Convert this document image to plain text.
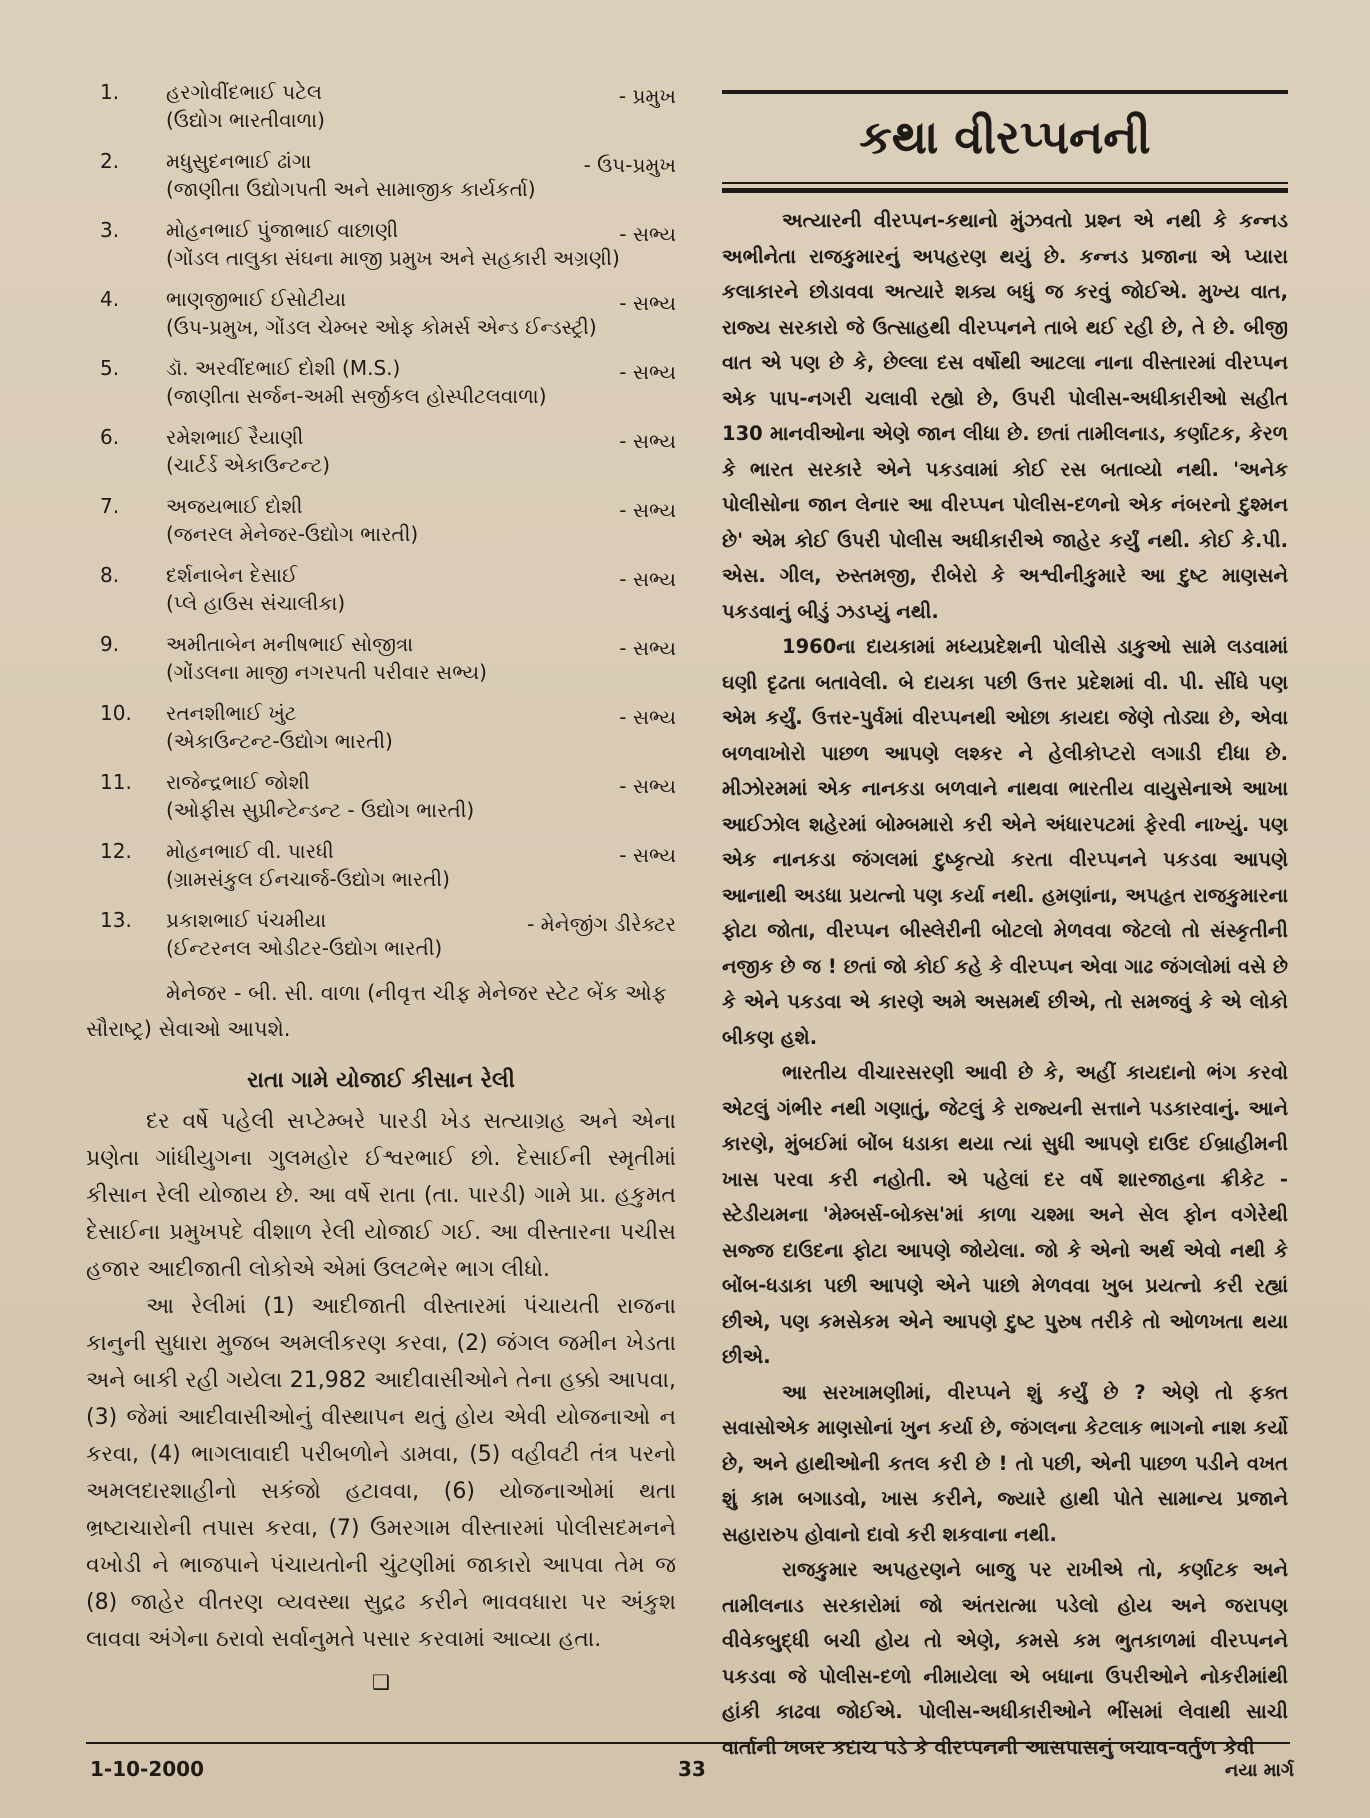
1.	હરગોવીંદભાઈ પટેલ	- પ્રમુખ
(ઉદ્યોગ ભારતીવાળા)
2.	મધુસુદનભાઈ ઢાંગા	- ઉપ-પ્રમુખ
(જાણીતા ઉદ્યોગપતી અને સામાજીક કાર્યકર્તા)
3.	મોહનભાઈ પુંજાભાઈ વાછાણી	- સભ્ય
(ગોંડલ તાલુકા સંઘના માજી પ્રમુખ અને સહકારી અગ્રણી)
4.	ભાણજીભાઈ ઈસોટીયા	- સભ્ય
(ઉપ-પ્રમુખ, ગોંડલ ચેમ્બર ઓફ કોમર્સ એન્ડ ઈન્ડસ્ટ્રી)
5.	ડૉ. અરવીંદભાઈ દોશી (M.S.)	- સભ્ય
(જાણીતા સર્જન-અમી સર્જીકલ હોસ્પીટલવાળા)
6.	રમેશભાઈ રૈયાણી	- સભ્ય
(ચાર્ટર્ડ એકાઉન્ટન્ટ)
7.	અજયભાઈ દોશી	- સભ્ય
(જનરલ મેનેજર-ઉદ્યોગ ભારતી)
8.	દર્શનાબેન દેસાઈ	- સભ્ય
(પ્લે હાઉસ સંચાલીકા)
9.	અમીતાબેન મનીષભાઈ સોજીત્રા	- સભ્ય
(ગોંડલના માજી નગરપતી પરીવાર સભ્ય)
10.	રતનશીભાઈ ખુંટ	- સભ્ય
(એકાઉન્ટન્ટ-ઉદ્યોગ ભારતી)
11.	રાજેન્દ્રભાઈ જોશી	- સભ્ય
(ઓફીસ સુપ્રીન્ટેન્ડન્ટ - ઉદ્યોગ ભારતી)
12.	મોહનભાઈ વી. પારધી	- સભ્ય
(ગ્રામસંકુલ ઈનચાર્જ-ઉદ્યોગ ભારતી)
13.	પ્રકાશભાઈ પંચમીયા	- મેનેજીંગ ડીરેક્ટર
(ઈન્ટરનલ ઓડીટર-ઉદ્યોગ ભારતી)
મેનેજર - બી. સી. વાળા (નીવૃત્ત ચીફ મેનેજર સ્ટેટ બેંક ઓફ સૌરાષ્ટ્ર) સેવાઓ આપશે.
રાતા ગામે યોજાઈ કીસાન રેલી

દર વર્ષે પહેલી સપ્ટેમ્બરે પારડી ખેડ સત્યાગ્રહ અને એના પ્રણેતા ગાંધીયુગના ગુલમહોર ઈશ્વરભાઈ છો. દેસાઈની સ્મૃતીમાં કીસાન રેલી યોજાય છે. આ વર્ષે રાતા (તા. પારડી) ગામે પ્રા. હકુમત દેસાઈના પ્રમુખપદે વીશાળ રેલી યોજાઈ ગઈ. આ વીસ્તારના પચીસ હજાર આદીજાતી લોકોએ એમાં ઉલટભેર ભાગ લીધો.

આ રેલીમાં (1) આદીજાતી વીસ્તારમાં પંચાયતી રાજના કાનુની સુધારા મુજબ અમલીકરણ કરવા, (2) જંગલ જમીન ખેડતા અને બાકી રહી ગયેલા 21,982 આદીવાસીઓને તેના હક્કો આપવા, (3) જેમાં આદીવાસીઓનું વીસ્થાપન થતું હોય એવી યોજનાઓ ન કરવા, (4) ભાગલાવાદી પરીબળોને ડામવા, (5) વહીવટી તંત્ર પરનો અમલદારશાહીનો સકંજો હટાવવા, (6) યોજનાઓમાં થતા ભ્રષ્ટાચારોની તપાસ કરવા, (7) ઉમરગામ વીસ્તારમાં પોલીસદમનને વખોડી ને ભાજપાને પંચાયતોની ચુંટણીમાં જાકારો આપવા તેમ જ (8) જાહેર વીતરણ વ્યવસ્થા સુદ્રઢ કરીને ભાવવધારા પર અંકુશ લાવવા અંગેના ઠરાવો સર્વાનુમતે પસાર કરવામાં આવ્યા હતા.

❑
કથા વીરપ્પનની

અત્યારની વીરપ્પન-કથાનો મુંઝવતો પ્રશ્ન એ નથી કે કન્નડ અભીનેતા રાજકુમારનું અપહરણ થયું છે. કન્નડ પ્રજાના એ પ્યારા કલાકારને છોડાવવા અત્યારે શક્ય બધું જ કરવું જોઈએ. મુખ્ય વાત, રાજ્ય સરકારો જે ઉત્સાહથી વીરપ્પનને તાબે થઈ રહી છે, તે છે. બીજી વાત એ પણ છે કે, છેલ્લા દસ વર્ષોથી આટલા નાના વીસ્તારમાં વીરપ્પન એક પાપ-નગરી ચલાવી રહ્યો છે, ઉપરી પોલીસ-અધીકારીઓ સહીત 130 માનવીઓના એણે જાન લીધા છે. છતાં તામીલનાડ, કર્ણાટક, કેરળ કે ભારત સરકારે એને પકડવામાં કોઈ રસ બતાવ્યો નથી. 'અનેક પોલીસોના જાન લેનાર આ વીરપ્પન પોલીસ-દળનો એક નંબરનો દુશ્મન છે' એમ કોઈ ઉપરી પોલીસ અધીકારીએ જાહેર કર્યું નથી. કોઈ કે.પી. એસ. ગીલ, રુસ્તમજી, રીબેરો કે અશ્વીનીકુમારે આ દુષ્ટ માણસને પકડવાનું બીડું ઝડપ્યું નથી.

1960ના દાયકામાં મધ્યપ્રદેશની પોલીસે ડાકુઓ સામે લડવામાં ઘણી દૃઢતા બતાવેલી. બે દાયકા પછી ઉત્તર પ્રદેશમાં વી. પી. સીંઘે પણ એમ કર્યું. ઉત્તર-પુર્વમાં વીરપ્પનથી ઓછા કાયદા જેણે તોડ્યા છે, એવા બળવાખોરો પાછળ આપણે લશ્કર ને હેલીકોપ્ટરો લગાડી દીધા છે. મીઝોરમમાં એક નાનકડા બળવાને નાથવા ભારતીય વાયુસેનાએ આખા આઈઝોલ શહેરમાં બોમ્બમારો કરી એને અંધારપટમાં ફેરવી નાખ્યું. પણ એક નાનકડા જંગલમાં દુષ્કૃત્યો કરતા વીરપ્પનને પકડવા આપણે આનાથી અડધા પ્રયત્નો પણ કર્યા નથી. હમણાંના, અપહૃત રાજકુમારના ફોટા જોતા, વીરપ્પન બીસ્લેરીની બોટલો મેળવવા જેટલો તો સંસ્કૃતીની નજીક છે જ ! છતાં જો કોઈ કહે કે વીરપ્પન એવા ગાઢ જંગલોમાં વસે છે કે એને પકડવા એ કારણે અમે અસમર્થ છીએ, તો સમજવું કે એ લોકો બીકણ હશે.

ભારતીય વીચારસરણી આવી છે કે, અહીં કાયદાનો ભંગ કરવો એટલું ગંભીર નથી ગણાતું, જેટલું કે રાજ્યની સત્તાને પડકારવાનું. આને કારણે, મુંબઈમાં બોંબ ધડાકા થયા ત્યાં સુધી આપણે દાઉદ ઈબ્રાહીમની ખાસ પરવા કરી નહોતી. એ પહેલાં દર વર્ષે શારજાહના ક્રીકેટ - સ્ટેડીયમના 'મેમ્બર્સ-બોક્સ'માં કાળા ચશ્મા અને સેલ ફોન વગેરેથી સજ્જ દાઉદના ફોટા આપણે જોયેલા. જો કે એનો અર્થ એવો નથી કે બોંબ-ધડાકા પછી આપણે એને પાછો મેળવવા ખુબ પ્રયત્નો કરી રહ્યાં છીએ, પણ કમસેકમ એને આપણે દુષ્ટ પુરુષ તરીકે તો ઓળખતા થયા છીએ.

આ સરખામણીમાં, વીરપ્પને શું કર્યું છે ? એણે તો ફક્ત સવાસોએક માણસોનાં ખુન કર્યા છે, જંગલના કેટલાક ભાગનો નાશ કર્યો છે, અને હાથીઓની કતલ કરી છે ! તો પછી, એની પાછળ પડીને વખત શું કામ બગાડવો, ખાસ કરીને, જ્યારે હાથી પોતે સામાન્ય પ્રજાને સહારારુપ હોવાનો દાવો કરી શકવાના નથી.

રાજકુમાર અપહરણને બાજુ પર રાખીએ તો, કર્ણાટક અને તામીલનાડ સરકારોમાં જો અંતરાત્મા પડેલો હોય અને જરાપણ વીવેકબુદ્ધી બચી હોય તો એણે, કમસે કમ ભુતકાળમાં વીરપ્પનને પકડવા જે પોલીસ-દળો નીમાયેલા એ બધાના ઉપરીઓને નોકરીમાંથી હાંકી કાઢવા જોઈએ. પોલીસ-અધીકારીઓને ભીંસમાં લેવાથી સાચી વાર્તાની ખબર કદાચ પડે કે વીરપ્પનની આસપાસનું બચાવ-વર્તુળ કેવી

1-10-2000	33	નયા માર્ગ
